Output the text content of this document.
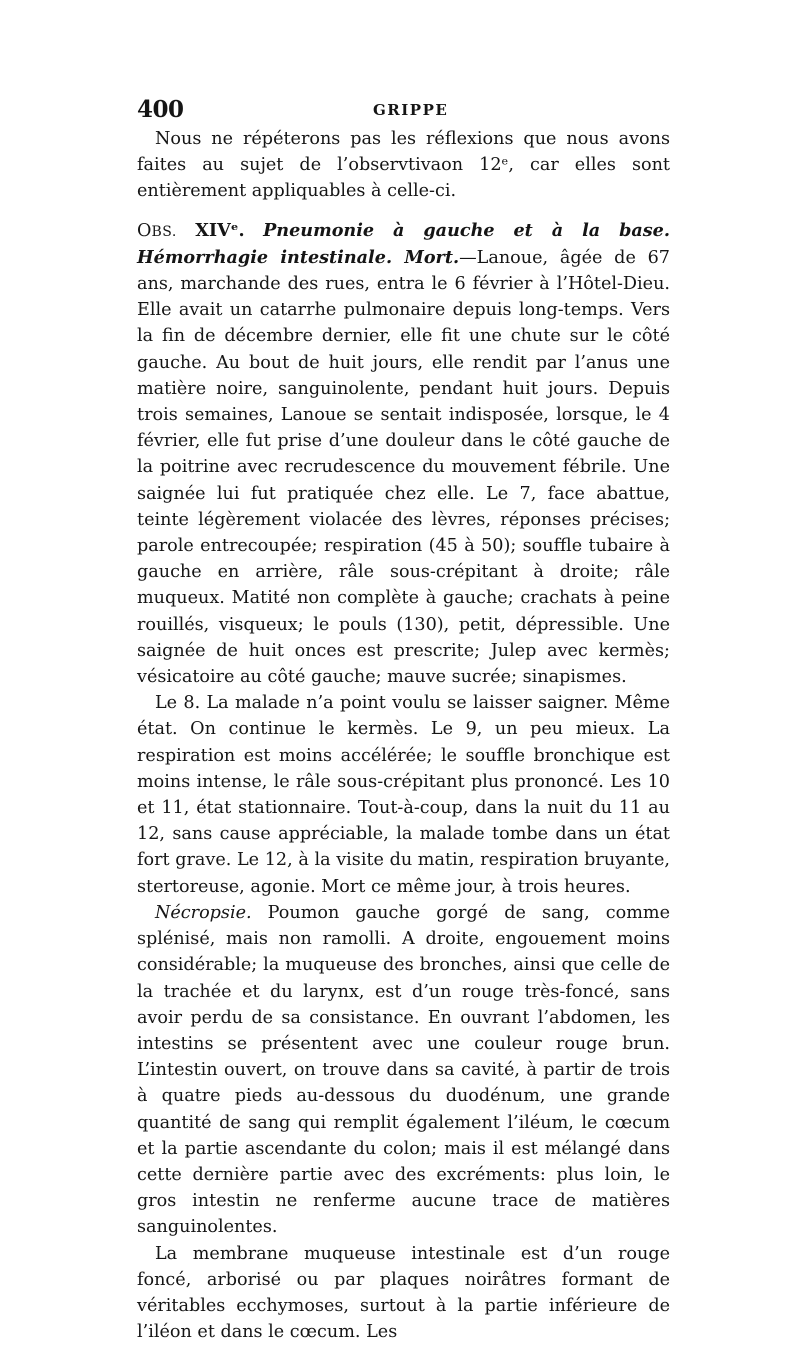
400	GRIPPE

Nous ne répéterons pas les réflexions que nous avons faites au sujet de l’observtivaon 12ᵉ, car elles sont entièrement appliquables à celle-ci.

OBS. XIVᵉ. Pneumonie à gauche et à la base. Hémorrhagie intestinale. Mort.—Lanoue, âgée de 67 ans, marchande des rues, entra le 6 février à l’Hôtel-Dieu. Elle avait un catarrhe pulmonaire depuis long-temps. Vers la fin de décembre dernier, elle fit une chute sur le côté gauche. Au bout de huit jours, elle rendit par l’anus une matière noire, sanguinolente, pendant huit jours. Depuis trois semaines, Lanoue se sentait indisposée, lorsque, le 4 février, elle fut prise d’une douleur dans le côté gauche de la poitrine avec recrudescence du mouvement fébrile. Une saignée lui fut pratiquée chez elle. Le 7, face abattue, teinte légèrement violacée des lèvres, réponses précises; parole entrecoupée; respiration (45 à 50); souffle tubaire à gauche en arrière, râle sous-crépitant à droite; râle muqueux. Matité non complète à gauche; crachats à peine rouillés, visqueux; le pouls (130), petit, dépressible. Une saignée de huit onces est prescrite; Julep avec kermès; vésicatoire au côté gauche; mauve sucrée; sinapismes.

Le 8. La malade n’a point voulu se laisser saigner. Même état. On continue le kermès. Le 9, un peu mieux. La respiration est moins accélérée; le souffle bronchique est moins intense, le râle sous-crépitant plus prononcé. Les 10 et 11, état stationnaire. Tout-à-coup, dans la nuit du 11 au 12, sans cause appréciable, la malade tombe dans un état fort grave. Le 12, à la visite du matin, respiration bruyante, stertoreuse, agonie. Mort ce même jour, à trois heures.

Nécropsie. Poumon gauche gorgé de sang, comme splénisé, mais non ramolli. A droite, engouement moins considérable; la muqueuse des bronches, ainsi que celle de la trachée et du larynx, est d’un rouge très-foncé, sans avoir perdu de sa consistance. En ouvrant l’abdomen, les intestins se présentent avec une couleur rouge brun. L’intestin ouvert, on trouve dans sa cavité, à partir de trois à quatre pieds au-dessous du duodénum, une grande quantité de sang qui remplit également l’iléum, le cœcum et la partie ascendante du colon; mais il est mélangé dans cette dernière partie avec des excréments: plus loin, le gros intestin ne renferme aucune trace de matières sanguinolentes.

La membrane muqueuse intestinale est d’un rouge foncé, arborisé ou par plaques noirâtres formant de véritables ecchymoses, surtout à la partie inférieure de l’iléon et dans le cœcum. Les
